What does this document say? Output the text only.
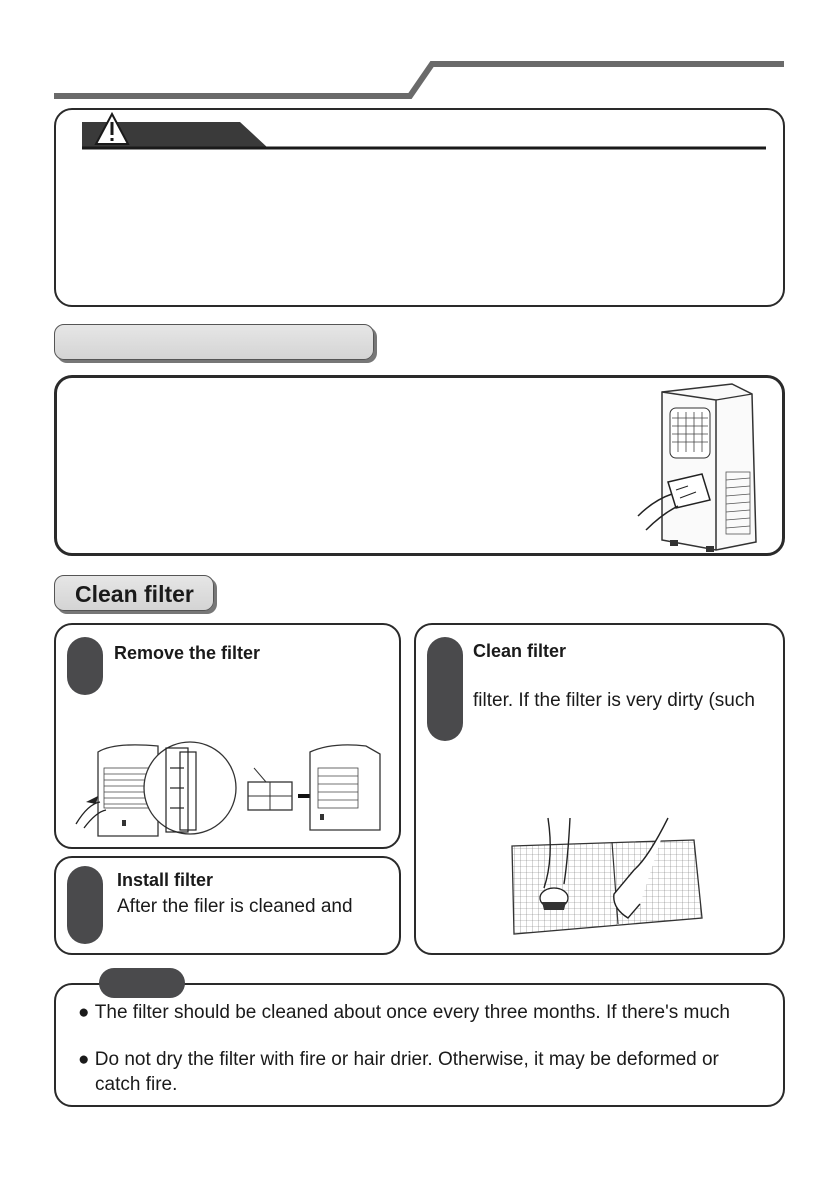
Clean filter
Remove the filter
Install filter
After the filer is cleaned and
Clean filter
filter. If the filter is very dirty (such
● The filter should be cleaned about once every three months. If there's much
● Do not dry the filter with fire or hair drier. Otherwise, it may be deformed or
catch fire.
